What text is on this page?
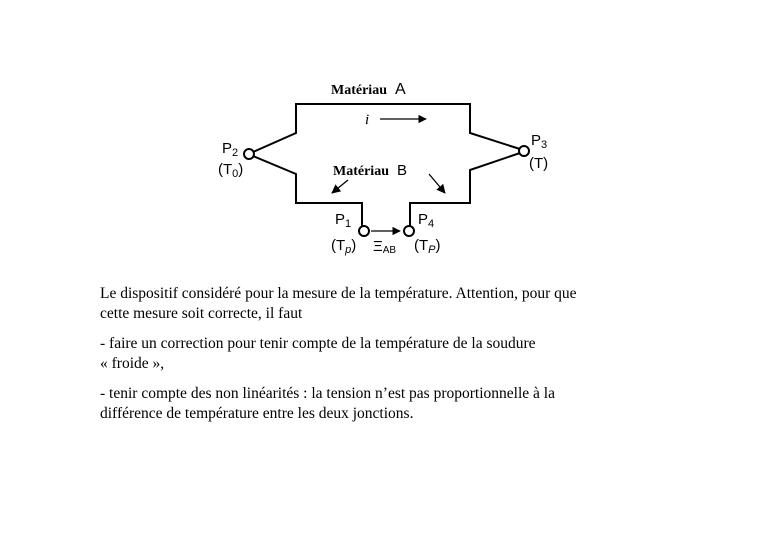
i
Matériau A
Matériau B
$P_2$
$(T_0)$
$P_3$
(T)
$P_1$
$(T_p)$
$P_4$
$(T_P)$
ΞAB

Le dispositif considéré pour la mesure de la température. Attention, pour que
cette mesure soit correcte, il faut

- faire un correction pour tenir compte de la température de la soudure
« froide »,

- tenir compte des non linéarités : la tension n’est pas proportionnelle à la
différence de température entre les deux jonctions.
